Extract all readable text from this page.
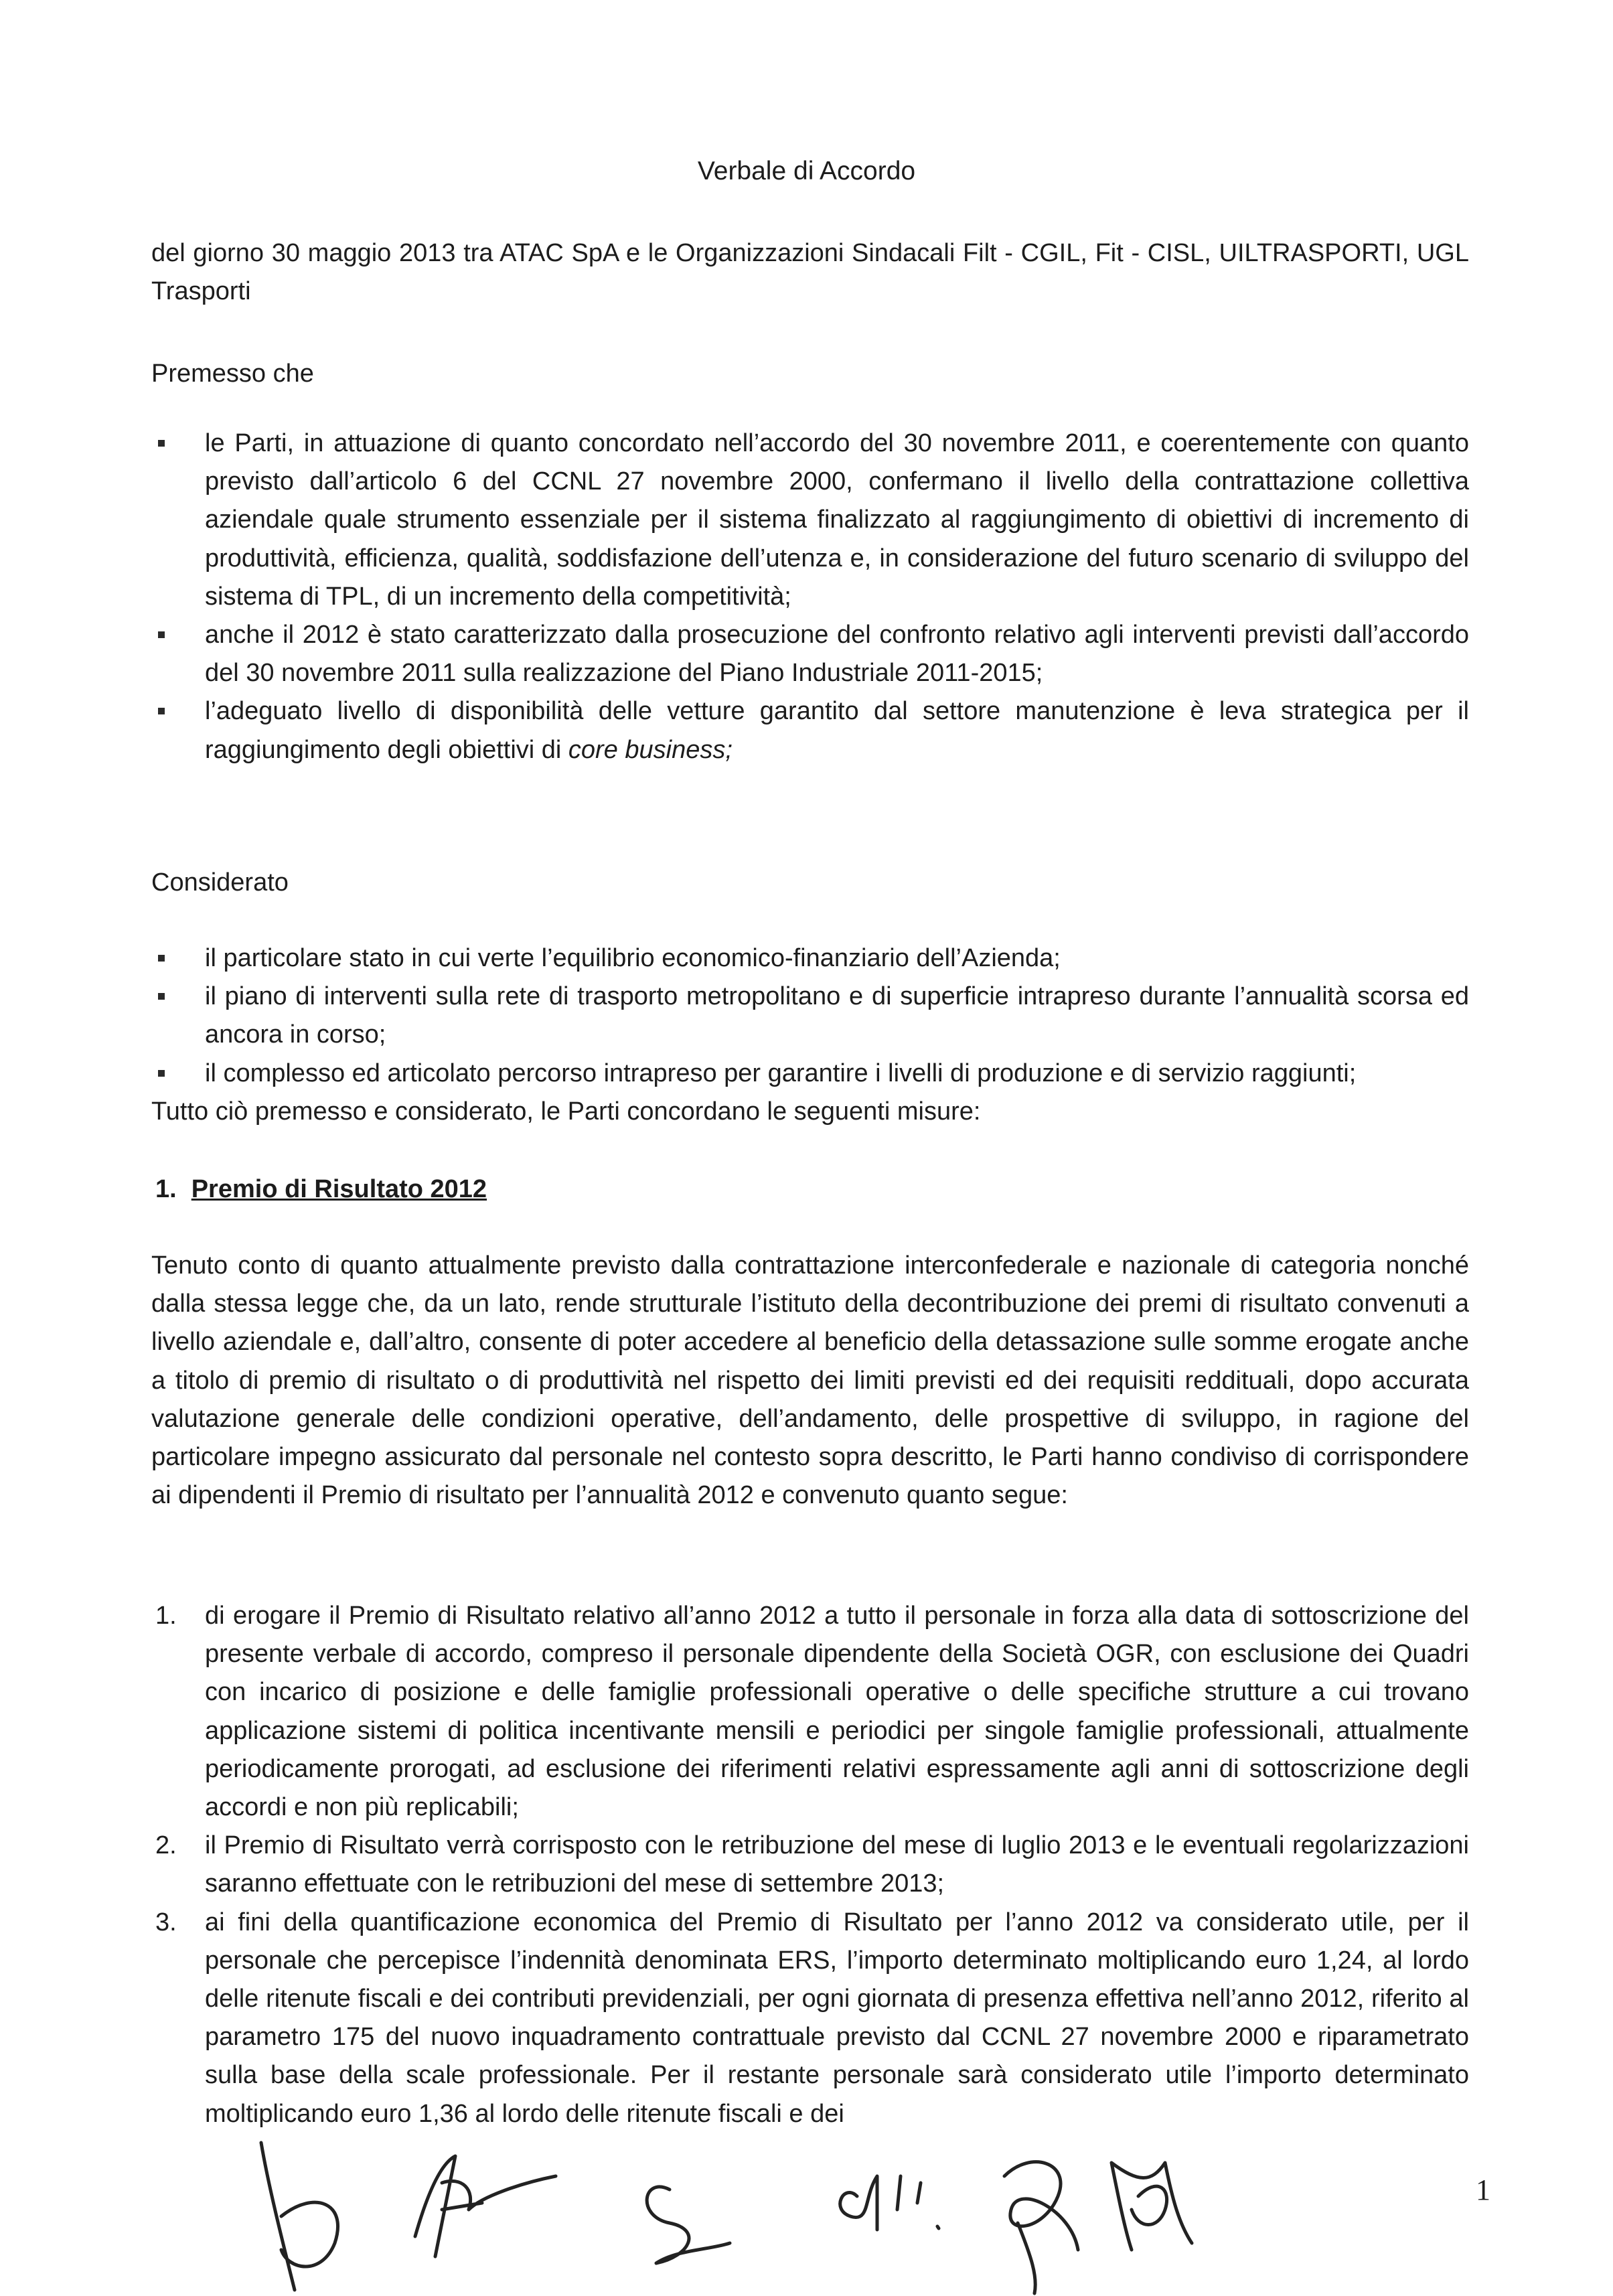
Verbale di Accordo
del giorno 30 maggio 2013 tra ATAC SpA e le Organizzazioni Sindacali Filt - CGIL, Fit - CISL, UILTRASPORTI, UGL Trasporti
Premesso che
le Parti, in attuazione di quanto concordato nell’accordo del 30 novembre 2011, e coerentemente con quanto previsto dall’articolo 6 del CCNL 27 novembre 2000, confermano il livello della contrattazione collettiva aziendale quale strumento essenziale per il sistema finalizzato al raggiungimento di obiettivi di incremento di produttività, efficienza, qualità, soddisfazione dell’utenza e, in considerazione del futuro scenario di sviluppo del sistema di TPL, di un incremento della competitività;
anche il 2012 è stato caratterizzato dalla prosecuzione del confronto relativo agli interventi previsti dall’accordo del 30 novembre 2011 sulla realizzazione del Piano Industriale 2011-2015;
l’adeguato livello di disponibilità delle vetture garantito dal settore manutenzione è leva strategica per il raggiungimento degli obiettivi di core business;
Considerato
il particolare stato in cui verte l’equilibrio economico-finanziario dell’Azienda;
il piano di interventi sulla rete di trasporto metropolitano e di superficie intrapreso durante l’annualità scorsa ed ancora in corso;
il complesso ed articolato percorso intrapreso per garantire i livelli di produzione e di servizio raggiunti;
Tutto ciò premesso e considerato, le Parti concordano le seguenti misure:
1. Premio di Risultato 2012
Tenuto conto di quanto attualmente previsto dalla contrattazione interconfederale e nazionale di categoria nonché dalla stessa legge che, da un lato, rende strutturale l’istituto della decontribuzione dei premi di risultato convenuti a livello aziendale e, dall’altro, consente di poter accedere al beneficio della detassazione sulle somme erogate anche a titolo di premio di risultato o di produttività nel rispetto dei limiti previsti ed dei requisiti reddituali, dopo accurata valutazione generale delle condizioni operative, dell’andamento, delle prospettive di sviluppo, in ragione del particolare impegno assicurato dal personale nel contesto sopra descritto, le Parti hanno condiviso di corrispondere ai dipendenti il Premio di risultato per l’annualità 2012 e convenuto quanto segue:
1. di erogare il Premio di Risultato relativo all’anno 2012 a tutto il personale in forza alla data di sottoscrizione del presente verbale di accordo, compreso il personale dipendente della Società OGR, con esclusione dei Quadri con incarico di posizione e delle famiglie professionali operative o delle specifiche strutture a cui trovano applicazione sistemi di politica incentivante mensili e periodici per singole famiglie professionali, attualmente periodicamente prorogati, ad esclusione dei riferimenti relativi espressamente agli anni di sottoscrizione degli accordi e non più replicabili;
2. il Premio di Risultato verrà corrisposto con le retribuzione del mese di luglio 2013 e le eventuali regolarizzazioni saranno effettuate con le retribuzioni del mese di settembre 2013;
3. ai fini della quantificazione economica del Premio di Risultato per l’anno 2012 va considerato utile, per il personale che percepisce l’indennità denominata ERS, l’importo determinato moltiplicando euro 1,24, al lordo delle ritenute fiscali e dei contributi previdenziali, per ogni giornata di presenza effettiva nell’anno 2012, riferito al parametro 175 del nuovo inquadramento contrattuale previsto dal CCNL 27 novembre 2000 e riparametrato sulla base della scale professionale. Per il restante personale sarà considerato utile l’importo determinato moltiplicando euro 1,36 al lordo delle ritenute fiscali e dei
1
